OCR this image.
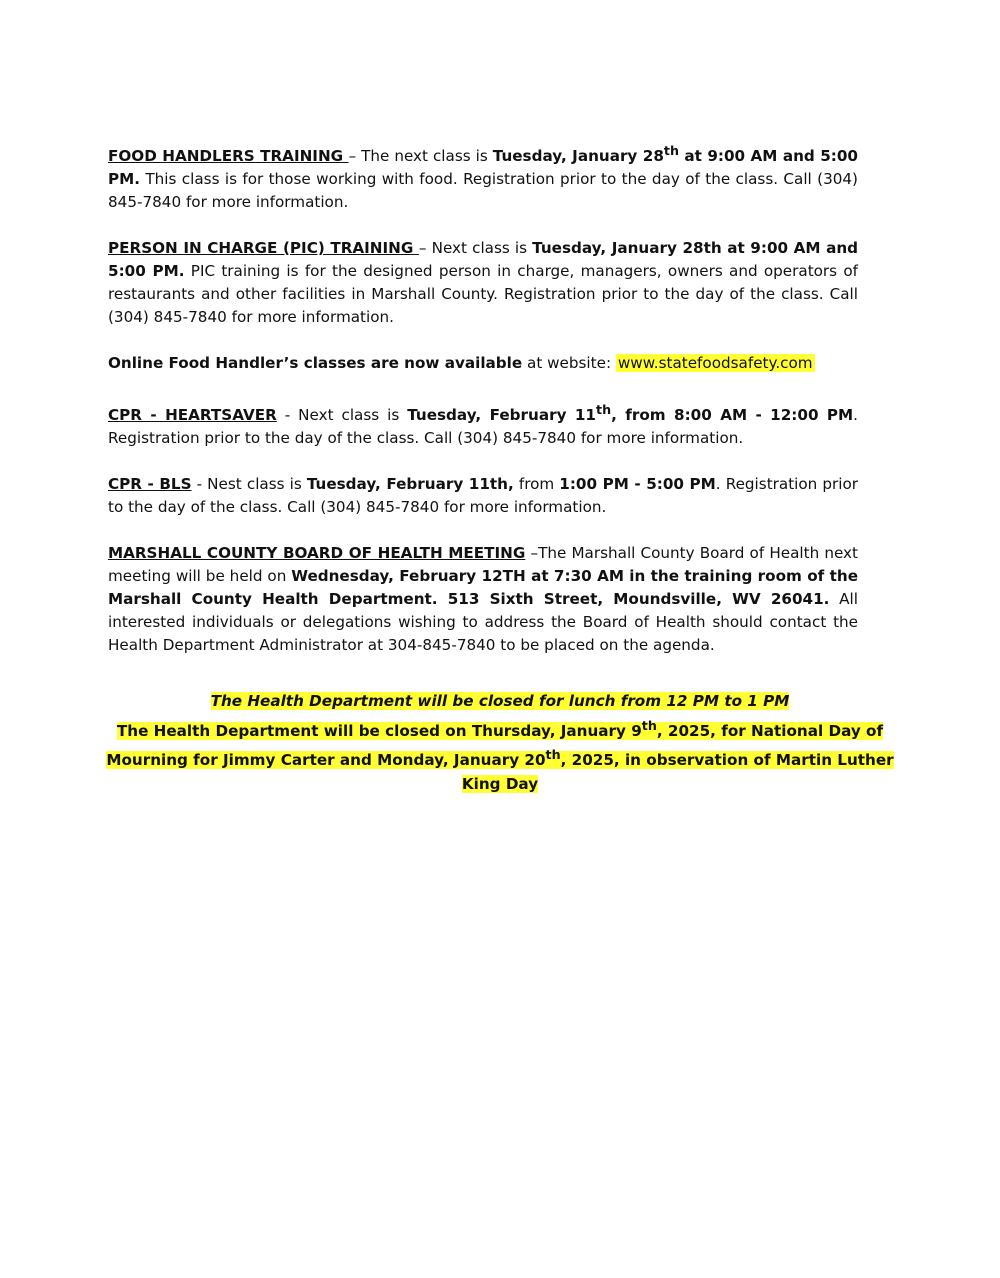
FOOD HANDLERS TRAINING – The next class is Tuesday, January 28th at 9:00 AM and 5:00 PM. This class is for those working with food. Registration prior to the day of the class. Call (304) 845-7840 for more information.

PERSON IN CHARGE (PIC) TRAINING – Next class is Tuesday, January 28th at 9:00 AM and 5:00 PM. PIC training is for the designed person in charge, managers, owners and operators of restaurants and other facilities in Marshall County. Registration prior to the day of the class. Call (304) 845-7840 for more information.

Online Food Handler’s classes are now available at website: www.statefoodsafety.com

CPR - HEARTSAVER - Next class is Tuesday, February 11th, from 8:00 AM - 12:00 PM. Registration prior to the day of the class. Call (304) 845-7840 for more information.

CPR - BLS - Nest class is Tuesday, February 11th, from 1:00 PM - 5:00 PM. Registration prior to the day of the class. Call (304) 845-7840 for more information.

MARSHALL COUNTY BOARD OF HEALTH MEETING –The Marshall County Board of Health next meeting will be held on Wednesday, February 12TH at 7:30 AM in the training room of the Marshall County Health Department. 513 Sixth Street, Moundsville, WV 26041. All interested individuals or delegations wishing to address the Board of Health should contact the Health Department Administrator at 304-845-7840 to be placed on the agenda.

The Health Department will be closed for lunch from 12 PM to 1 PM
The Health Department will be closed on Thursday, January 9th, 2025, for National Day of
Mourning for Jimmy Carter and Monday, January 20th, 2025, in observation of Martin Luther
King Day
